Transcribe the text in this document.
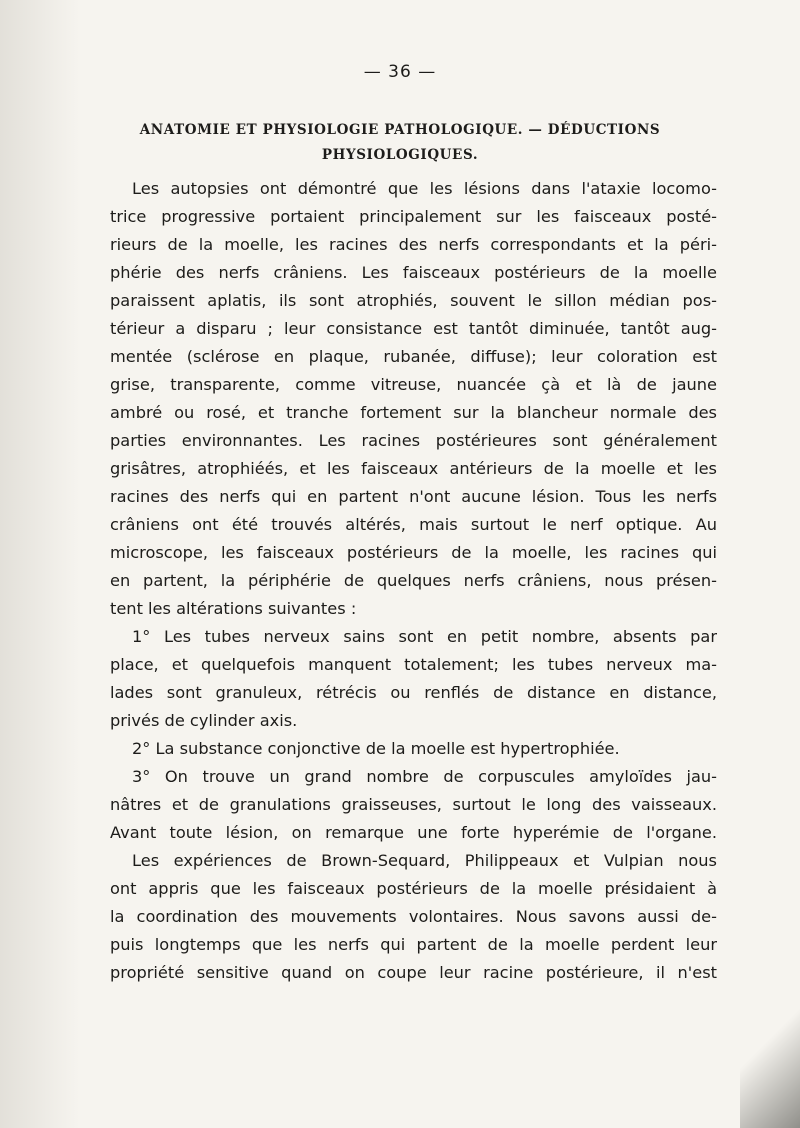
— 36 —
ANATOMIE ET PHYSIOLOGIE PATHOLOGIQUE. — DÉDUCTIONS
PHYSIOLOGIQUES.
Les autopsies ont démontré que les lésions dans l'ataxie locomo-
trice progressive portaient principalement sur les faisceaux posté-
rieurs de la moelle, les racines des nerfs correspondants et la péri-
phérie des nerfs crâniens. Les faisceaux postérieurs de la moelle
paraissent aplatis, ils sont atrophiés, souvent le sillon médian pos-
térieur a disparu ; leur consistance est tantôt diminuée, tantôt aug-
mentée (sclérose en plaque, rubanée, diffuse); leur coloration est
grise, transparente, comme vitreuse, nuancée çà et là de jaune
ambré ou rosé, et tranche fortement sur la blancheur normale des
parties environnantes. Les racines postérieures sont généralement
grisâtres, atrophiéés, et les faisceaux antérieurs de la moelle et les
racines des nerfs qui en partent n'ont aucune lésion. Tous les nerfs
crâniens ont été trouvés altérés, mais surtout le nerf optique. Au
microscope, les faisceaux postérieurs de la moelle, les racines qui
en partent, la périphérie de quelques nerfs crâniens, nous présen-
tent les altérations suivantes :
1° Les tubes nerveux sains sont en petit nombre, absents par
place, et quelquefois manquent totalement; les tubes nerveux ma-
lades sont granuleux, rétrécis ou renflés de distance en distance,
privés de cylinder axis.
2° La substance conjonctive de la moelle est hypertrophiée.
3° On trouve un grand nombre de corpuscules amyloïdes jau-
nâtres et de granulations graisseuses, surtout le long des vaisseaux.
Avant toute lésion, on remarque une forte hyperémie de l'organe.
Les expériences de Brown-Sequard, Philippeaux et Vulpian nous
ont appris que les faisceaux postérieurs de la moelle présidaient à
la coordination des mouvements volontaires. Nous savons aussi de-
puis longtemps que les nerfs qui partent de la moelle perdent leur
propriété sensitive quand on coupe leur racine postérieure, il n'est
